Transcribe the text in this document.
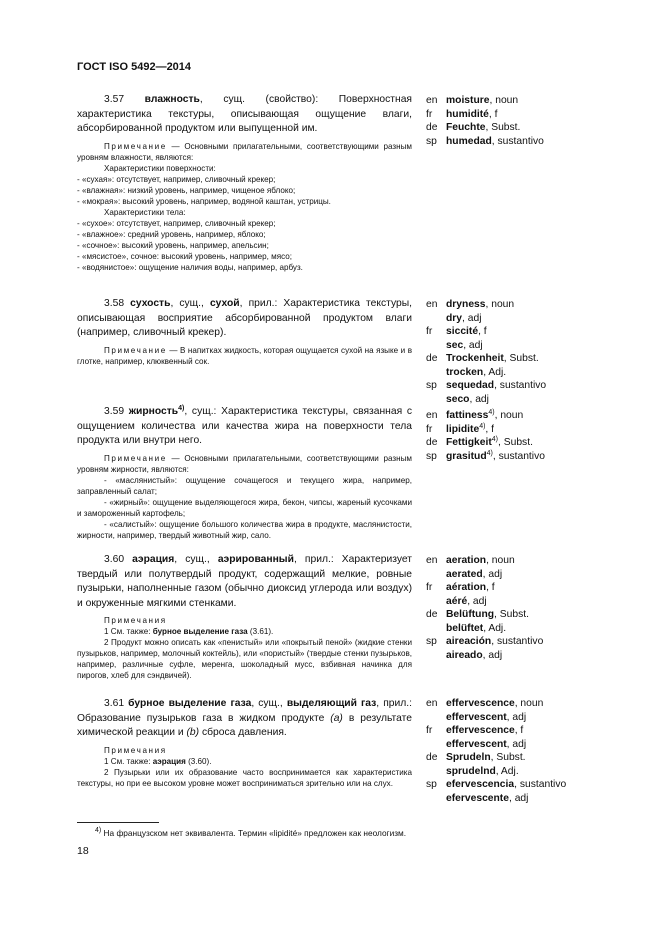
ГОСТ ISO 5492—2014

3.57 влажность, сущ. (свойство): Поверхностная характеристика текстуры, описывающая ощущение влаги, абсорбированной продуктом или выпущенной им.

Примечание — Основными прилагательными, соответствующими разным уровням влажности, являются:

Характеристики поверхности:

- «сухая»: отсутствует, например, сливочный крекер;

- «влажная»: низкий уровень, например, чищеное яблоко;

- «мокрая»: высокий уровень, например, водяной каштан, устрицы.

Характеристики тела:

- «сухое»: отсутствует, например, сливочный крекер;

- «влажное»: средний уровень, например, яблоко;

- «сочное»: высокий уровень, например, апельсин;

- «мясистое», сочное: высокий уровень, например, мясо;

- «водянистое»: ощущение наличия воды, например, арбуз.

en moisture, noun
fr	humidité, f
de Feuchte, Subst.
sp humedad, sustantivo

3.58 сухость, сущ., сухой, прил.: Характеристика текстуры, описывающая восприятие абсорбированной продуктом влаги (например, сливочный крекер).

Примечание — В напитках жидкость, которая ощущается сухой на языке и в глотке, например, клюквенный сок.

en dryness, noun
dry, adj
fr	siccité, f
sec, adj
de Trockenheit, Subst.
trocken, Adj.
sp sequedad, sustantivo
seco, adj

3.59 жирность$^{4)}$, сущ.: Характеристика текстуры, связанная с ощущением количества или качества жира на поверхности тела продукта или внутри него.

Примечание — Основными прилагательными, соответствующими разным уровням жирности, являются:

- «маслянистый»: ощущение сочащегося и текущего жира, например, заправленный салат;

- «жирный»: ощущение выделяющегося жира, бекон, чипсы, жареный кусочками и замороженный картофель;

- «салистый»: ощущение большого количества жира в продукте, маслянистости, жирности, например, твердый животный жир, сало.

en fattiness$^{4)}$, noun
fr	lipidite$^{4)}$, f
de Fettigkeit$^{4)}$, Subst.
sp grasitud$^{4)}$, sustantivo

3.60 аэрация, сущ., аэрированный, прил.: Характеризует твердый или полутвердый продукт, содержащий мелкие, ровные пузырьки, наполненные газом (обычно диоксид углерода или воздух) и окруженные мягкими стенками.

Примечания

1 См. также: бурное выделение газа (3.61).

2 Продукт можно описать как «пенистый» или «покрытый пеной» (жидкие стенки пузырьков, например, молочный коктейль), или «пористый» (твердые стенки пузырьков, например, различные суфле, меренга, шоколадный мусс, взбивная начинка для пирогов, хлеб для сэндвичей).

en aeration, noun
aerated, adj
fr	aération, f
aéré, adj
de Belüftung, Subst.
belüftet, Adj.
sp aireación, sustantivo
aireado, adj

3.61 бурное выделение газа, сущ., выделяющий газ, прил.: Образование пузырьков газа в жидком продукте (a) в результате химической реакции и (b) сброса давления.

Примечания

1 См. также: аэрация (3.60).

2 Пузырьки или их образование часто воспринимается как характеристика текстуры, но при ее высоком уровне может восприниматься зрительно или на слух.

en effervescence, noun
effervescent, adj
fr	effervescence, f
effervescent, adj
de Sprudeln, Subst.
sprudelnd, Adj.
sp efervescencia, sustantivo
efervescente, adj
$^{4)}$ На французском нет эквивалента. Термин «lipidité» предложен как неологизм.
18
